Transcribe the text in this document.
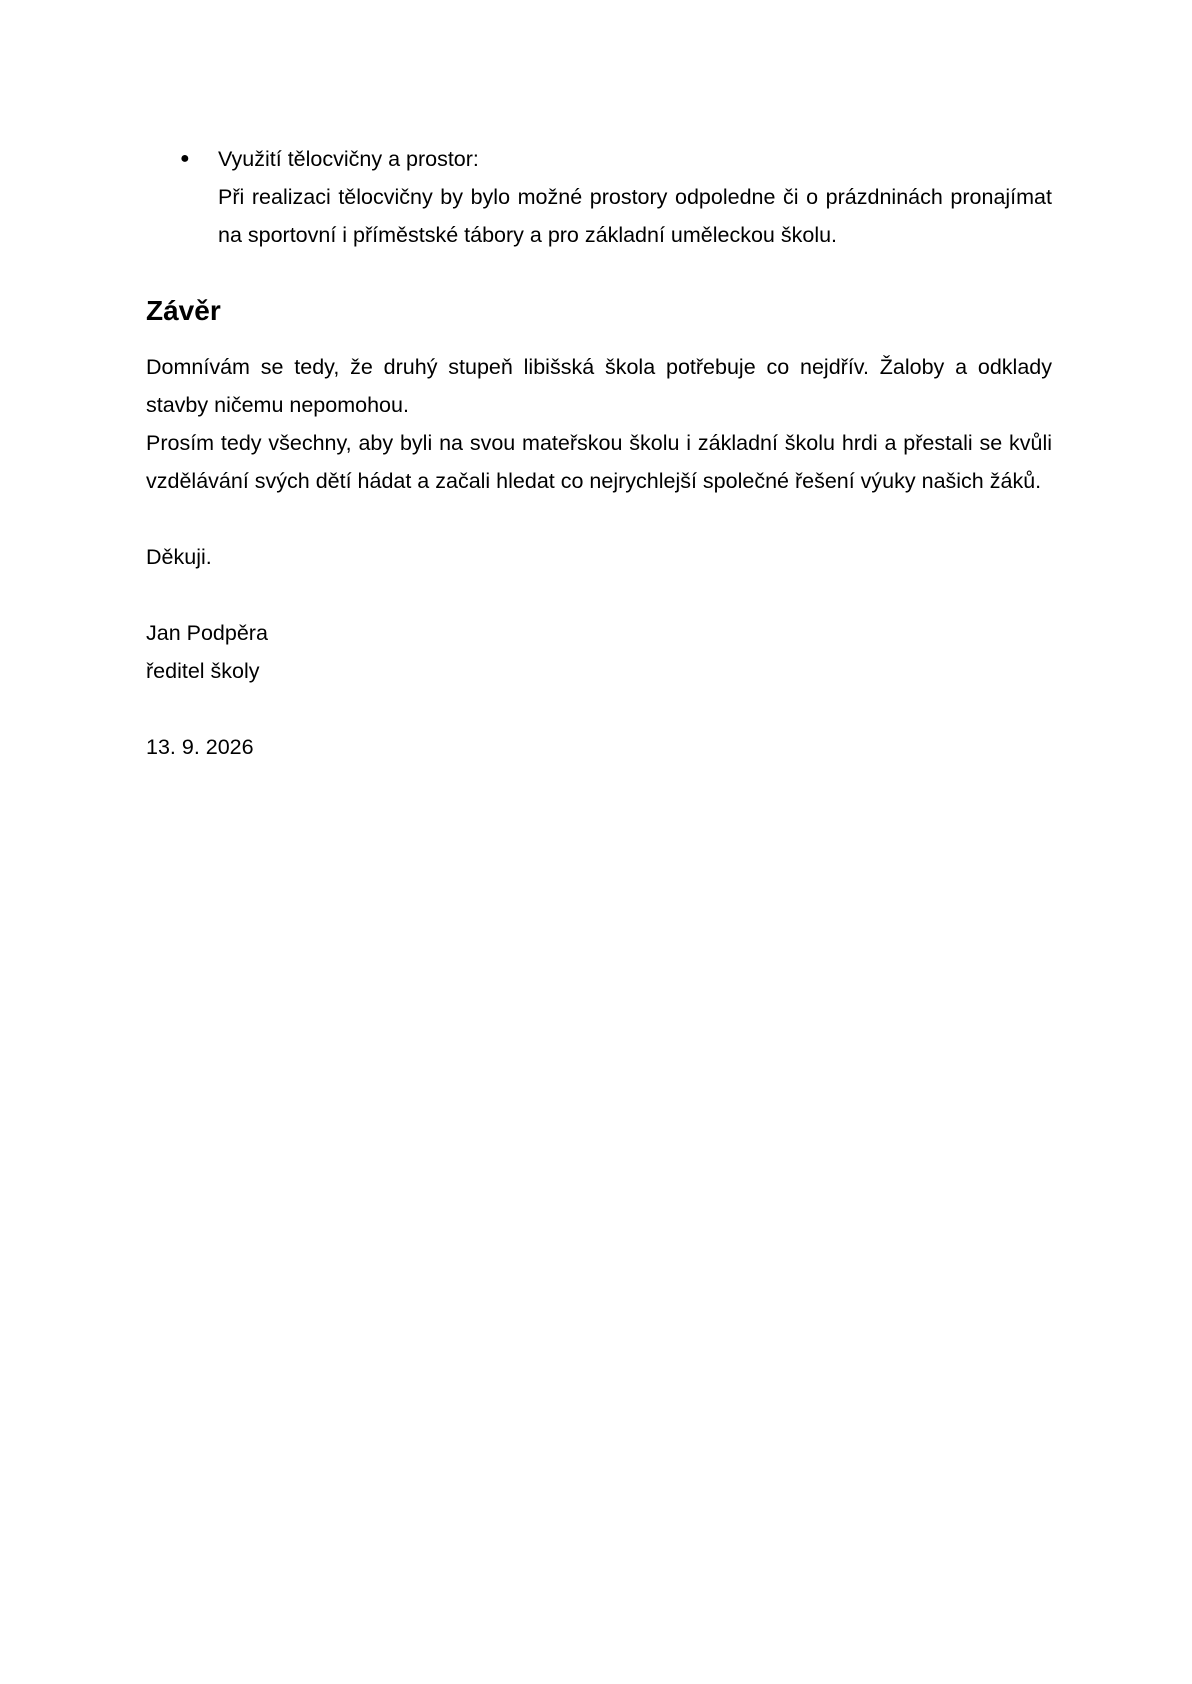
● Využití tělocvičny a prostor:
Při realizaci tělocvičny by bylo možné prostory odpoledne či o prázdninách pronajímat na sportovní i příměstské tábory a pro základní uměleckou školu.
Závěr

Domnívám se tedy, že druhý stupeň libišská škola potřebuje co nejdřív. Žaloby a odklady stavby ničemu nepomohou.

Prosím tedy všechny, aby byli na svou mateřskou školu i základní školu hrdi a přestali se kvůli vzdělávání svých dětí hádat a začali hledat co nejrychlejší společné řešení výuky našich žáků.

Děkuji.

Jan Podpěra

ředitel školy

13. 9. 2026
